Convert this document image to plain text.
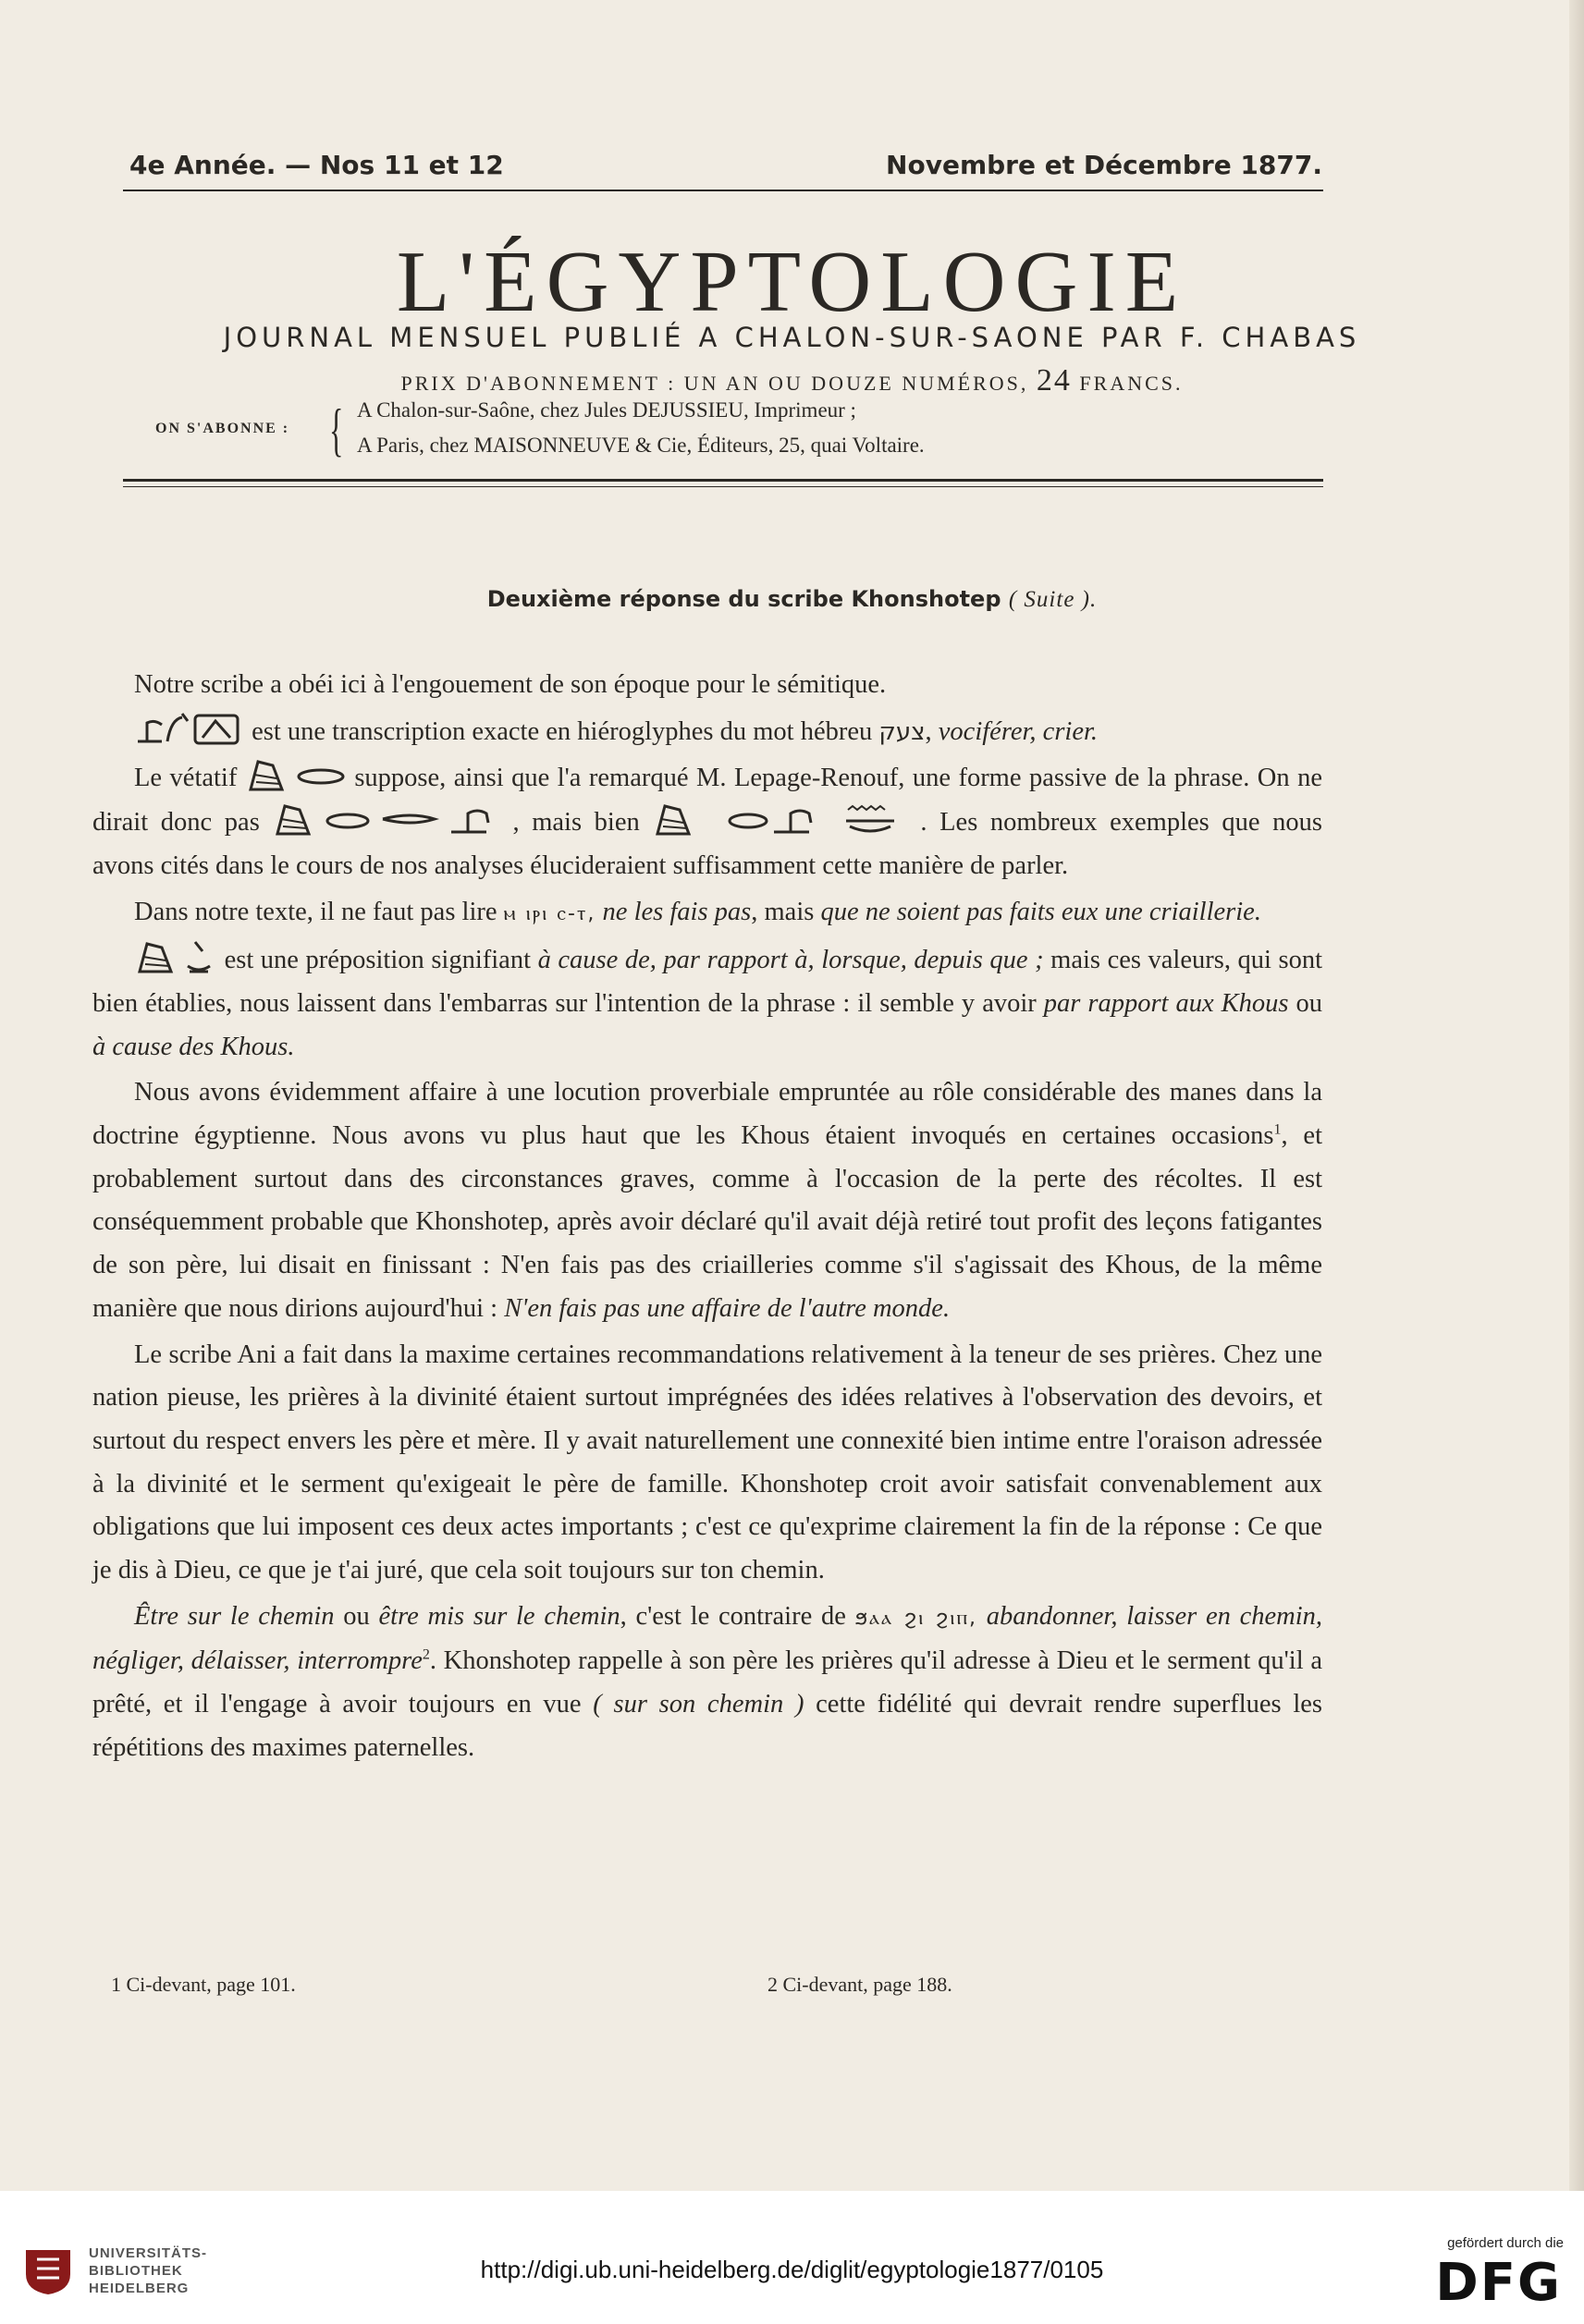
4e Année. — Nos 11 et 12	Novembre et Décembre 1877.
L'ÉGYPTOLOGIE
JOURNAL MENSUEL PUBLIÉ A CHALON-SUR-SAONE PAR F. CHABAS
PRIX D'ABONNEMENT : UN AN OU DOUZE NUMÉROS, 24 FRANCS.
ON S'ABONNE : { A Chalon-sur-Saône, chez Jules DEJUSSIEU, Imprimeur ;
A Paris, chez MAISONNEUVE & Cie, Éditeurs, 25, quai Voltaire.
Deuxième réponse du scribe Khonshotep ( Suite ).

Notre scribe a obéi ici à l'engouement de son époque pour le sémitique.

est une transcription exacte en hiéroglyphes du mot hébreu צעק, vociférer, crier.

Le vétatif	suppose, ainsi que l'a remarqué M. Lepage-Renouf, une forme passive de la phrase. On ne dirait donc pas	, mais bien	. Les nombreux exemples que nous avons cités dans le cours de nos analyses élucideraient suffisamment cette manière de parler.

Dans notre texte, il ne faut pas lire ⲙ ⲓⲣⲓ ⲥ-ⲧ, ne les fais pas, mais que ne soient pas faits eux une criaillerie.

est une préposition signifiant à cause de, par rapport à, lorsque, depuis que ; mais ces valeurs, qui sont bien établies, nous laissent dans l'embarras sur l'intention de la phrase : il semble y avoir par rapport aux Khous ou à cause des Khous.

Nous avons évidemment affaire à une locution proverbiale empruntée au rôle considérable des manes dans la doctrine égyptienne. Nous avons vu plus haut que les Khous étaient invoqués en certaines occasions$^1$, et probablement surtout dans des circonstances graves, comme à l'occasion de la perte des récoltes. Il est conséquemment probable que Khonshotep, après avoir déclaré qu'il avait déjà retiré tout profit des leçons fatigantes de son père, lui disait en finissant : N'en fais pas des criailleries comme s'il s'agissait des Khous, de la même manière que nous dirions aujourd'hui : N'en fais pas une affaire de l'autre monde.

Le scribe Ani a fait dans la maxime certaines recommandations relativement à la teneur de ses prières. Chez une nation pieuse, les prières à la divinité étaient surtout imprégnées des idées relatives à l'observation des devoirs, et surtout du respect envers les père et mère. Il y avait naturellement une connexité bien intime entre l'oraison adressée à la divinité et le serment qu'exigeait le père de famille. Khonshotep croit avoir satisfait convenablement aux obligations que lui imposent ces deux actes importants ; c'est ce qu'exprime clairement la fin de la réponse : Ce que je dis à Dieu, ce que je t'ai juré, que cela soit toujours sur ton chemin.

Être sur le chemin ou être mis sur le chemin, c'est le contraire de ϧⲁⲁ ϩⲓ ϩⲓⲡ, abandonner, laisser en chemin, négliger, délaisser, interrompre$^2$. Khonshotep rappelle à son père les prières qu'il adresse à Dieu et le serment qu'il a prêté, et il l'engage à avoir toujours en vue ( sur son chemin ) cette fidélité qui devrait rendre superflues les répétitions des maximes paternelles.

1 Ci-devant, page 101.	2 Ci-devant, page 188.
UNIVERSITÄTS-
BIBLIOTHEK
HEIDELBERG
http://digi.ub.uni-heidelberg.de/diglit/egyptologie1877/0105
gefördert durch die
DFG
